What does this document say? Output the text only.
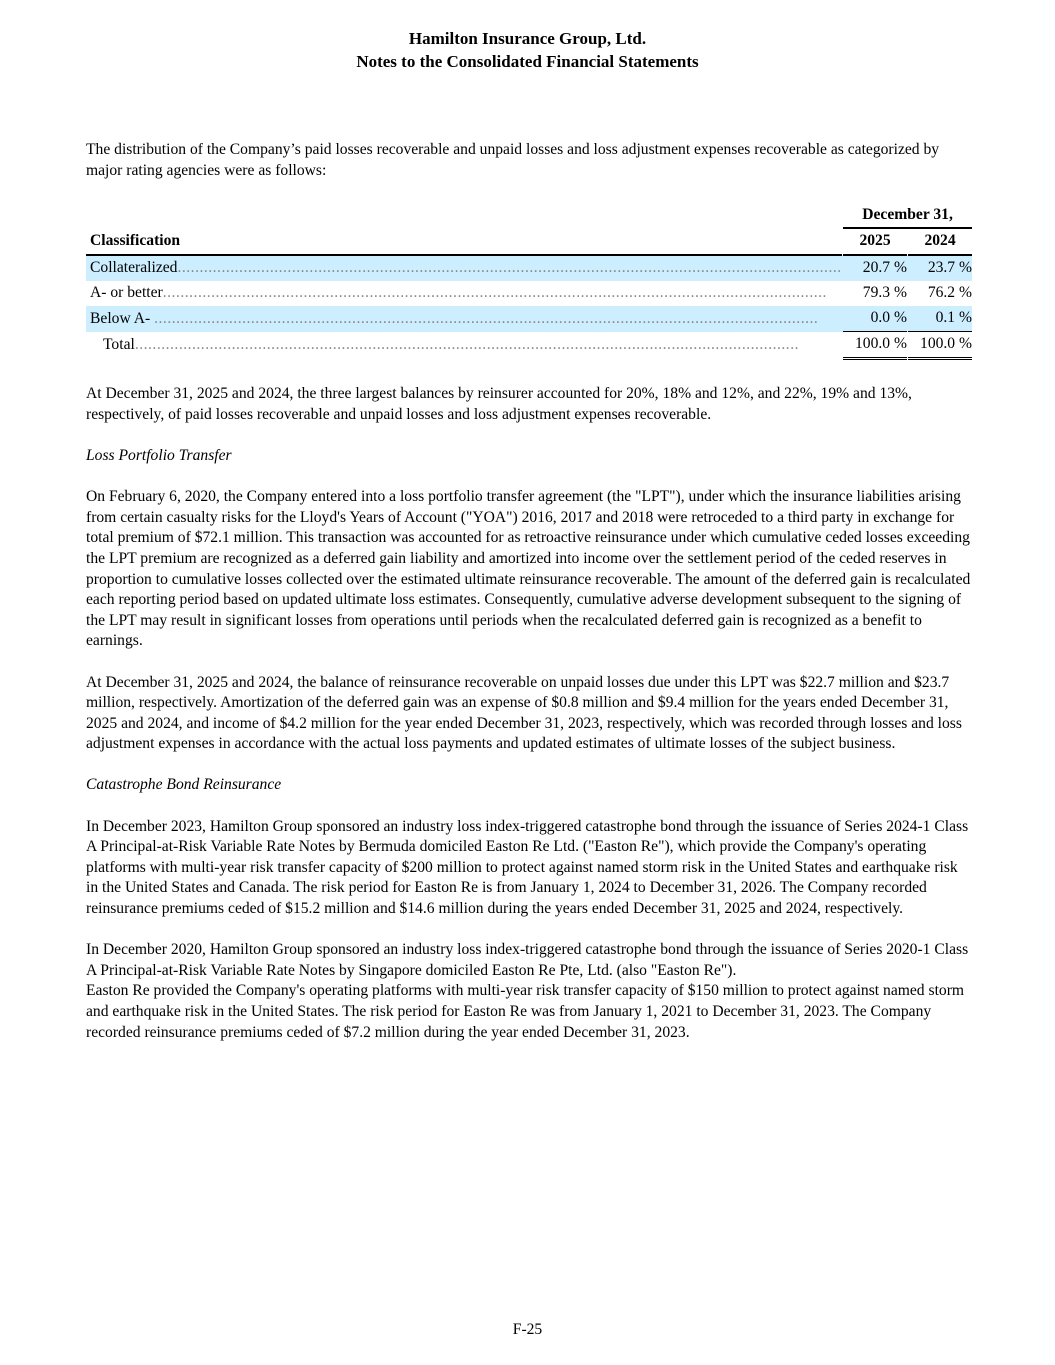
Hamilton Insurance Group, Ltd.
Notes to the Consolidated Financial Statements

The distribution of the Company’s paid losses recoverable and unpaid losses and loss adjustment expenses recoverable as categorized by major rating agencies were as follows:

		December 31,	
Classification		2025		2024
Collateralized.......................................................................................................................................................		20.7 %		23.7 %
A- or better.......................................................................................................................................................		79.3 %		76.2 %
Below A- .......................................................................................................................................................		0.0 %		0.1 %
Total.......................................................................................................................................................		100.0 %		100.0 %

At December 31, 2025 and 2024, the three largest balances by reinsurer accounted for 20%, 18% and 12%, and 22%, 19% and 13%, respectively, of paid losses recoverable and unpaid losses and loss adjustment expenses recoverable.

Loss Portfolio Transfer

On February 6, 2020, the Company entered into a loss portfolio transfer agreement (the "LPT"), under which the insurance liabilities arising from certain casualty risks for the Lloyd's Years of Account ("YOA") 2016, 2017 and 2018 were retroceded to a third party in exchange for total premium of $72.1 million. This transaction was accounted for as retroactive reinsurance under which cumulative ceded losses exceeding the LPT premium are recognized as a deferred gain liability and amortized into income over the settlement period of the ceded reserves in proportion to cumulative losses collected over the estimated ultimate reinsurance recoverable. The amount of the deferred gain is recalculated each reporting period based on updated ultimate loss estimates. Consequently, cumulative adverse development subsequent to the signing of the LPT may result in significant losses from operations until periods when the recalculated deferred gain is recognized as a benefit to earnings.

At December 31, 2025 and 2024, the balance of reinsurance recoverable on unpaid losses due under this LPT was $22.7 million and $23.7 million, respectively. Amortization of the deferred gain was an expense of $0.8 million and $9.4 million for the years ended December 31, 2025 and 2024, and income of $4.2 million for the year ended December 31, 2023, respectively, which was recorded through losses and loss adjustment expenses in accordance with the actual loss payments and updated estimates of ultimate losses of the subject business.

Catastrophe Bond Reinsurance

In December 2023, Hamilton Group sponsored an industry loss index-triggered catastrophe bond through the issuance of Series 2024-1 Class A Principal-at-Risk Variable Rate Notes by Bermuda domiciled Easton Re Ltd. ("Easton Re"), which provide the Company's operating platforms with multi-year risk transfer capacity of $200 million to protect against named storm risk in the United States and earthquake risk in the United States and Canada. The risk period for Easton Re is from January 1, 2024 to December 31, 2026. The Company recorded reinsurance premiums ceded of $15.2 million and $14.6 million during the years ended December 31, 2025 and 2024, respectively.

In December 2020, Hamilton Group sponsored an industry loss index-triggered catastrophe bond through the issuance of Series 2020-1 Class A Principal-at-Risk Variable Rate Notes by Singapore domiciled Easton Re Pte, Ltd. (also "Easton Re").

Easton Re provided the Company's operating platforms with multi-year risk transfer capacity of $150 million to protect against named storm and earthquake risk in the United States. The risk period for Easton Re was from January 1, 2021 to December 31, 2023. The Company recorded reinsurance premiums ceded of $7.2 million during the year ended December 31, 2023.

F-25
